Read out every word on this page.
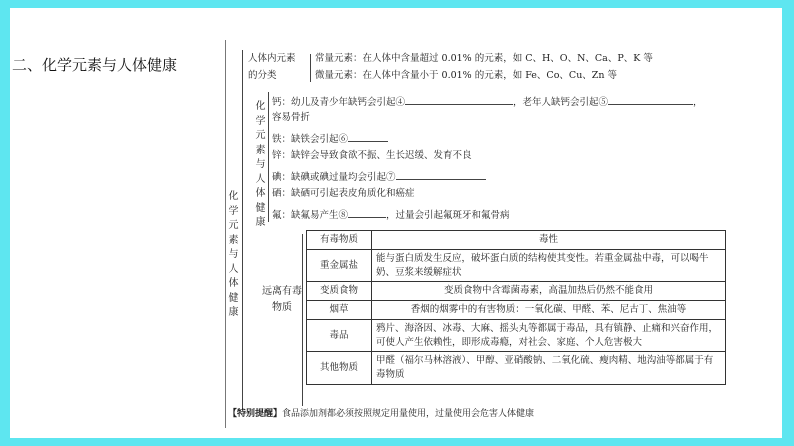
二、化学元素与人体健康
化学元素与人体健康
人体内元素
的分类
常量元素：在人体中含量超过 0.01% 的元素，如 C、H、O、N、Ca、P、K 等
微量元素：在人体中含量小于 0.01% 的元素，如 Fe、Co、Cu、Zn 等
化学元素与人体健康
钙：幼儿及青少年缺钙会引起④	，老年人缺钙会引起⑤	，
容易骨折
铁：缺铁会引起⑥
锌：缺锌会导致食欲不振、生长迟缓、发育不良
碘：缺碘或碘过量均会引起⑦
硒：缺硒可引起表皮角质化和癌症
氟：缺氟易产生⑧	，过量会引起氟斑牙和氟骨病
远离有毒物质
有毒物质	毒性
重金属盐	能与蛋白质发生反应，破坏蛋白质的结构使其变性。若重金属盐中毒，可以喝牛奶、豆浆来缓解症状
变质食物	变质食物中含霉菌毒素，高温加热后仍然不能食用
烟草	香烟的烟雾中的有害物质：一氧化碳、甲醛、苯、尼古丁、焦油等
毒品	鸦片、海洛因、冰毒、大麻、摇头丸等都属于毒品，具有镇静、止痛和兴奋作用，可使人产生依赖性，即形成毒瘾，对社会、家庭、个人危害极大
其他物质	甲醛（福尔马林溶液）、甲醇、亚硝酸钠、二氧化硫、瘦肉精、地沟油等都属于有毒物质
【特别提醒】食品添加剂都必须按照规定用量使用，过量使用会危害人体健康
